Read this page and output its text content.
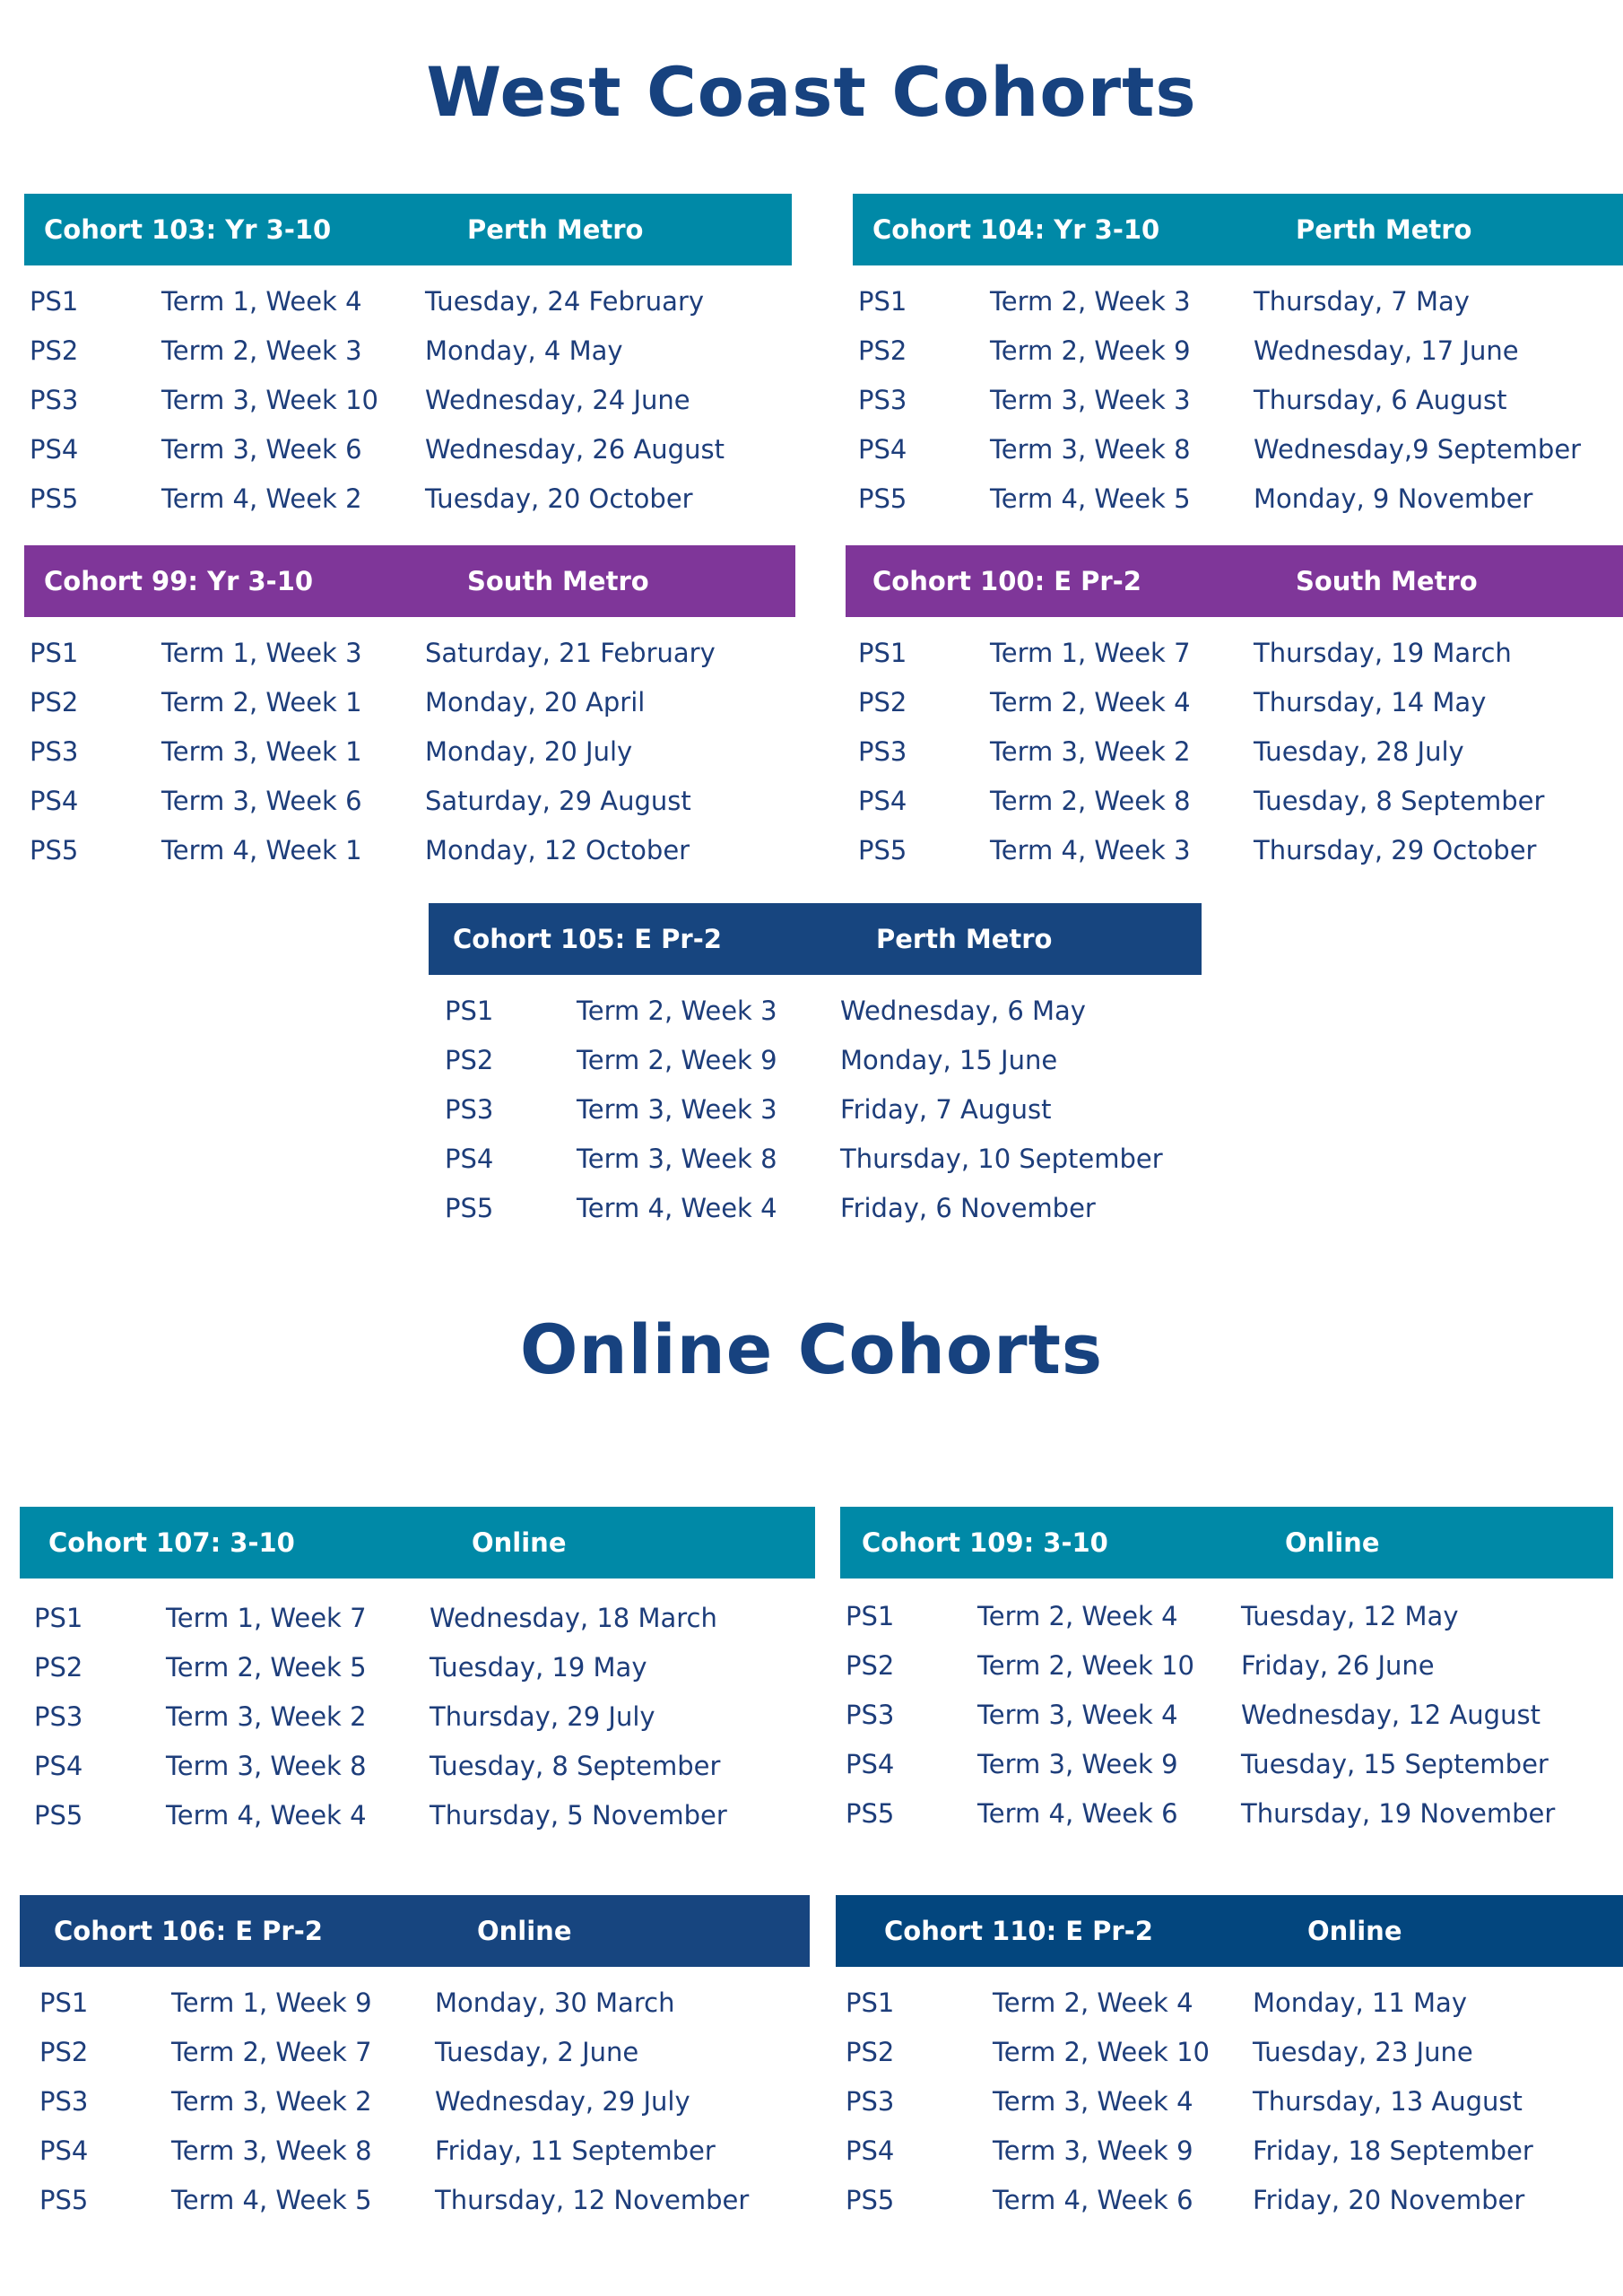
West Coast Cohorts
Cohort 103: Yr 3-10	Perth Metro
PS1	Term 1, Week 4	Tuesday, 24 February
PS2	Term 2, Week 3	Monday, 4 May
PS3	Term 3, Week 10	Wednesday, 24 June
PS4	Term 3, Week 6	Wednesday, 26 August
PS5	Term 4, Week 2	Tuesday, 20 October
Cohort 104: Yr 3-10	Perth Metro
PS1	Term 2, Week 3	Thursday, 7 May
PS2	Term 2, Week 9	Wednesday, 17 June
PS3	Term 3, Week 3	Thursday, 6 August
PS4	Term 3, Week 8	Wednesday,9 September
PS5	Term 4, Week 5	Monday, 9 November
Cohort 99: Yr 3-10	South Metro
PS1	Term 1, Week 3	Saturday, 21 February
PS2	Term 2, Week 1	Monday, 20 April
PS3	Term 3, Week 1	Monday, 20 July
PS4	Term 3, Week 6	Saturday, 29 August
PS5	Term 4, Week 1	Monday, 12 October
Cohort 100: E Pr-2	South Metro
PS1	Term 1, Week 7	Thursday, 19 March
PS2	Term 2, Week 4	Thursday, 14 May
PS3	Term 3, Week 2	Tuesday, 28 July
PS4	Term 2, Week 8	Tuesday, 8 September
PS5	Term 4, Week 3	Thursday, 29 October
Cohort 105: E Pr-2	Perth Metro
PS1	Term 2, Week 3	Wednesday, 6 May
PS2	Term 2, Week 9	Monday, 15 June
PS3	Term 3, Week 3	Friday, 7 August
PS4	Term 3, Week 8	Thursday, 10 September
PS5	Term 4, Week 4	Friday, 6 November
Online Cohorts
Cohort 107: 3-10	Online
PS1	Term 1, Week 7	Wednesday, 18 March
PS2	Term 2, Week 5	Tuesday, 19 May
PS3	Term 3, Week 2	Thursday, 29 July
PS4	Term 3, Week 8	Tuesday, 8 September
PS5	Term 4, Week 4	Thursday, 5 November
Cohort 109: 3-10	Online
PS1	Term 2, Week 4	Tuesday, 12 May
PS2	Term 2, Week 10	Friday, 26 June
PS3	Term 3, Week 4	Wednesday, 12 August
PS4	Term 3, Week 9	Tuesday, 15 September
PS5	Term 4, Week 6	Thursday, 19 November
Cohort 106: E Pr-2	Online
PS1	Term 1, Week 9	Monday, 30 March
PS2	Term 2, Week 7	Tuesday, 2 June
PS3	Term 3, Week 2	Wednesday, 29 July
PS4	Term 3, Week 8	Friday, 11 September
PS5	Term 4, Week 5	Thursday, 12 November
Cohort 110: E Pr-2	Online
PS1	Term 2, Week 4	Monday, 11 May
PS2	Term 2, Week 10	Tuesday, 23 June
PS3	Term 3, Week 4	Thursday, 13 August
PS4	Term 3, Week 9	Friday, 18 September
PS5	Term 4, Week 6	Friday, 20 November
